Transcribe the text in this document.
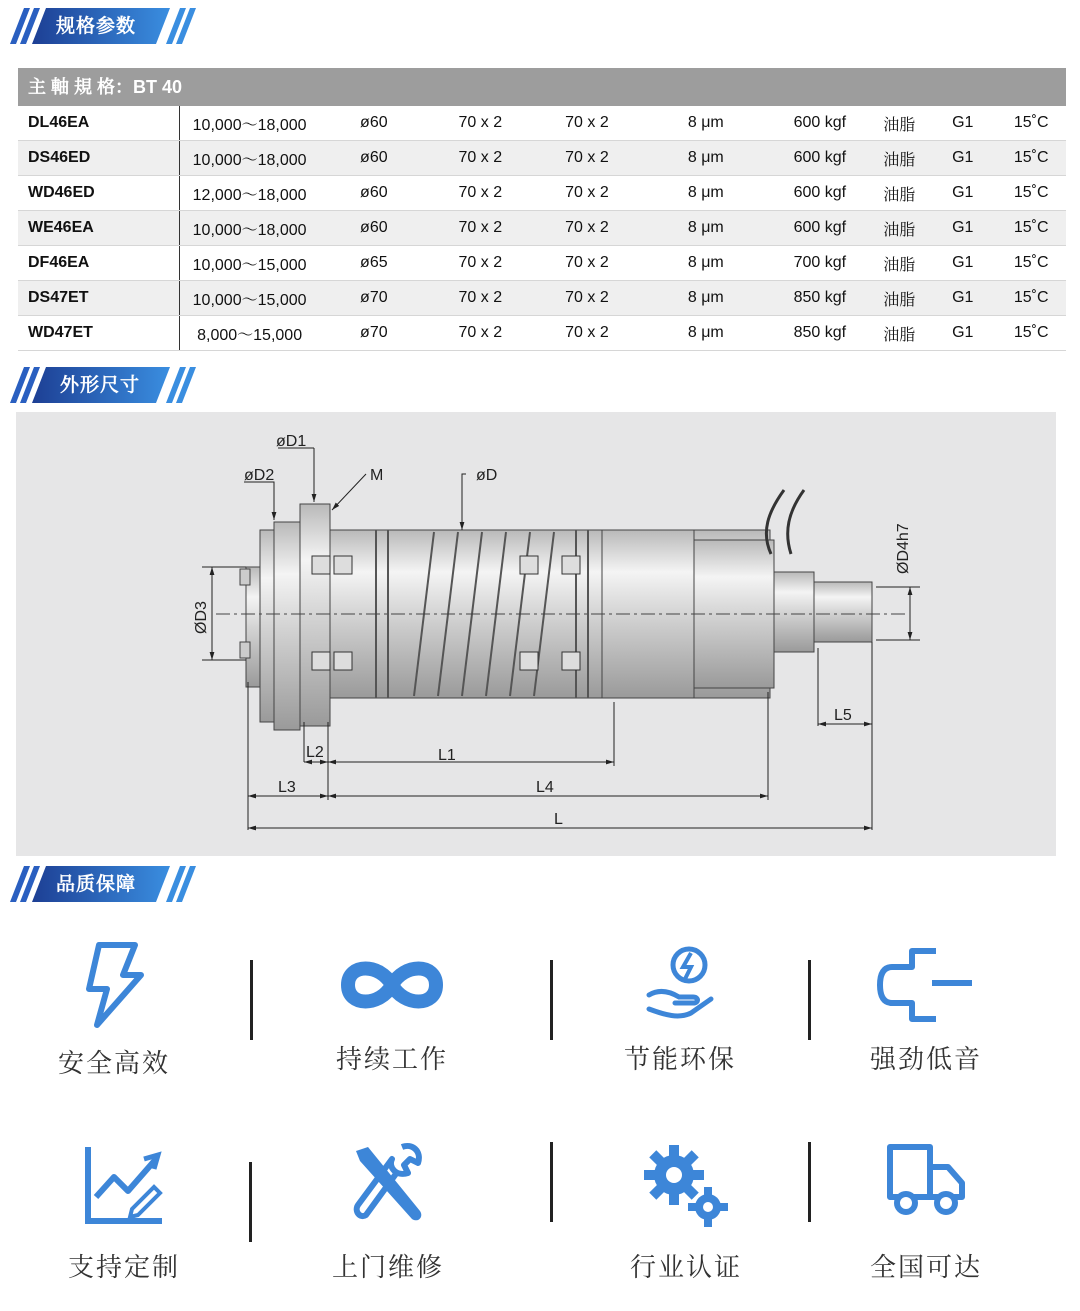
规格参数
主 軸 規 格：BT 40
DL46EA	10,000～18,000	ø60	70 x 2	70 x 2	8 μm	600 kgf	油脂	G1	15˚C
DS46ED	10,000～18,000	ø60	70 x 2	70 x 2	8 μm	600 kgf	油脂	G1	15˚C
WD46ED	12,000～18,000	ø60	70 x 2	70 x 2	8 μm	600 kgf	油脂	G1	15˚C
WE46EA	10,000～18,000	ø60	70 x 2	70 x 2	8 μm	600 kgf	油脂	G1	15˚C
DF46EA	10,000～15,000	ø65	70 x 2	70 x 2	8 μm	700 kgf	油脂	G1	15˚C
DS47ET	10,000～15,000	ø70	70 x 2	70 x 2	8 μm	850 kgf	油脂	G1	15˚C
WD47ET	8,000～15,000	ø70	70 x 2	70 x 2	8 μm	850 kgf	油脂	G1	15˚C
外形尺寸
øD1
øD2	M	øD
ØD3
ØD4h7
L2	L1
L3	L4
L
L5
品质保障
安全高效	持续工作	节能环保	强劲低音
支持定制	上门维修	行业认证	全国可达
